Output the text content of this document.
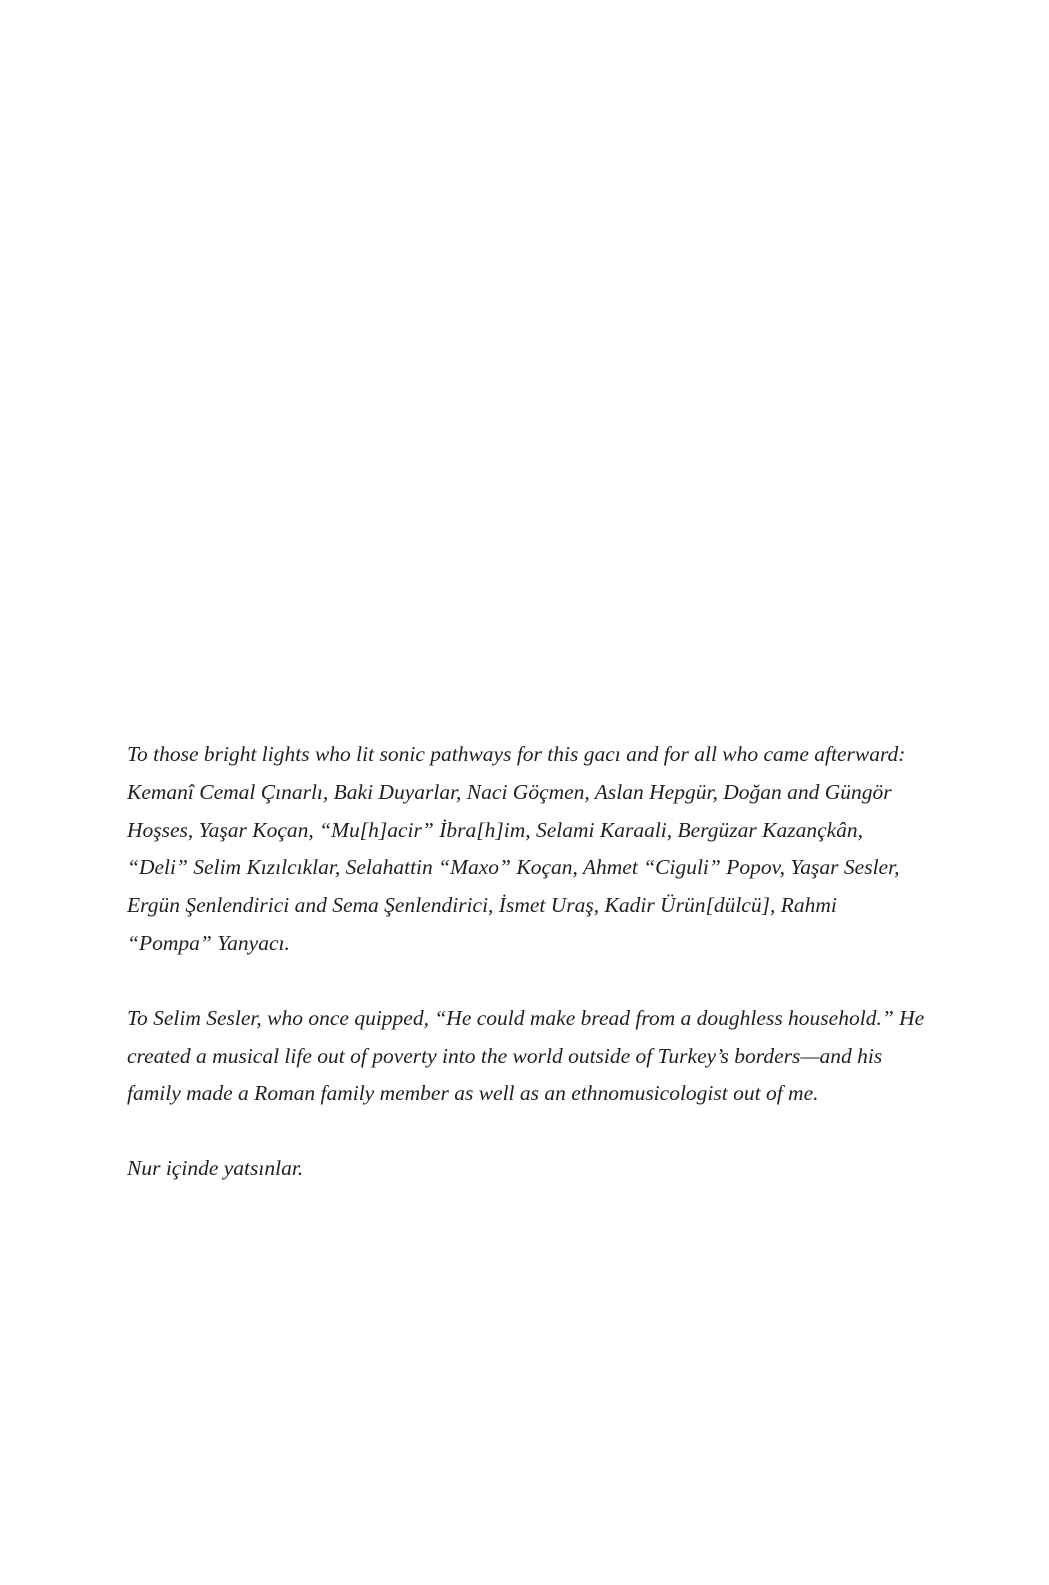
To those bright lights who lit sonic pathways for this gacı and for all who came afterward: Kemanî Cemal Çınarlı, Baki Duyarlar, Naci Göçmen, Aslan Hepgür, Doğan and Güngör Hoşses, Yaşar Koçan, “Mu[h]acir” İbra[h]im, Selami Karaali, Bergüzar Kazançkân, “Deli” Selim Kızılcıklar, Selahattin “Maxo” Koçan, Ahmet “Ciguli” Popov, Yaşar Sesler, Ergün Şenlendirici and Sema Şenlendirici, İsmet Uraş, Kadir Ürün[dülcü], Rahmi “Pompa” Yanyacı.

To Selim Sesler, who once quipped, “He could make bread from a doughless household.” He created a musical life out of poverty into the world outside of Turkey’s borders—and his family made a Roman family member as well as an ethnomusicologist out of me.

Nur içinde yatsınlar.
